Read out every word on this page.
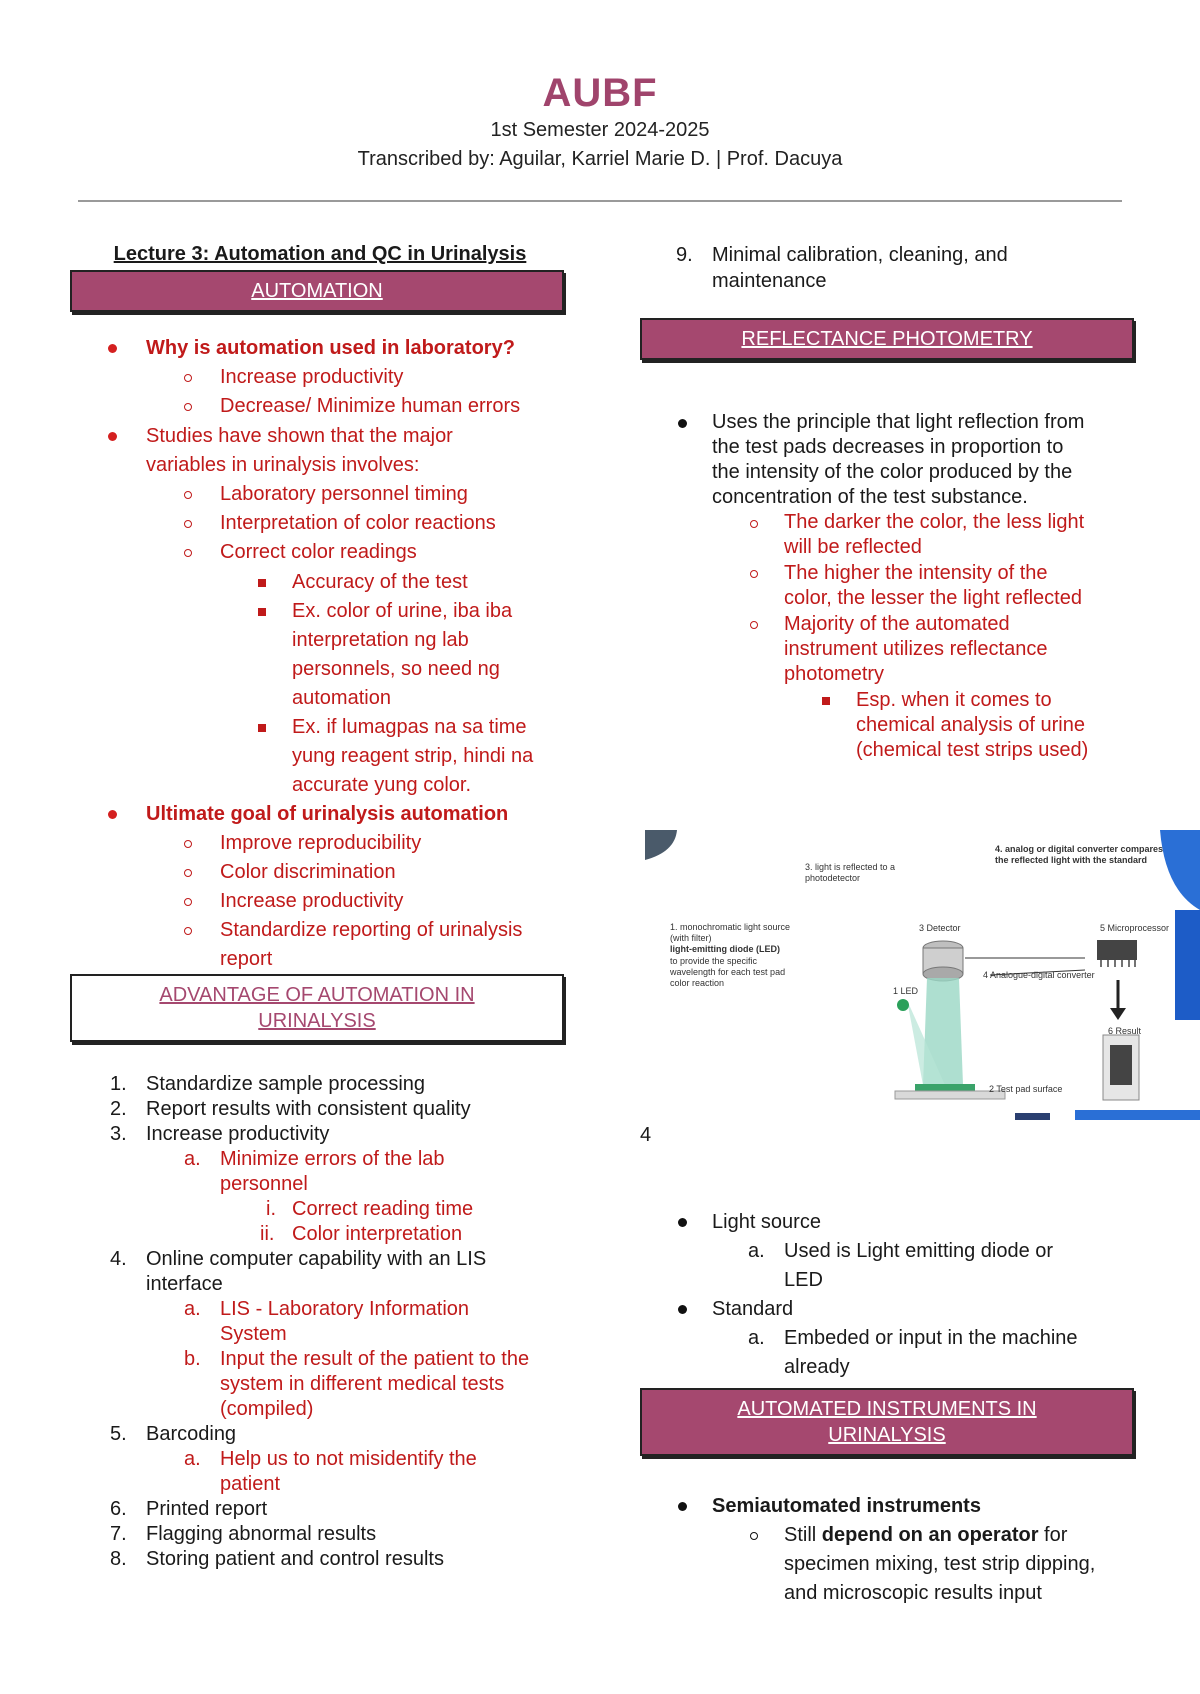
AUBF
1st Semester 2024-2025
Transcribed by: Aguilar, Karriel Marie D. | Prof. Dacuya
Lecture 3: Automation and QC in Urinalysis
AUTOMATION
Why is automation used in laboratory?
Increase productivity
Decrease/ Minimize human errors
Studies have shown that the major
variables in urinalysis involves:
Laboratory personnel timing
Interpretation of color reactions
Correct color readings
Accuracy of the test
Ex. color of urine, iba iba
interpretation ng lab
personnels, so need ng
automation
Ex. if lumagpas na sa time
yung reagent strip, hindi na
accurate yung color.
Ultimate goal of urinalysis automation
Improve reproducibility
Color discrimination
Increase productivity
Standardize reporting of urinalysis
report
ADVANTAGE OF AUTOMATION IN
URINALYSIS
1. Standardize sample processing
2. Report results with consistent quality
3. Increase productivity
a. Minimize errors of the lab
personnel
i. Correct reading time
ii. Color interpretation
4. Online computer capability with an LIS
interface
a. LIS - Laboratory Information
System
b. Input the result of the patient to the
system in different medical tests
(compiled)
5. Barcoding
a. Help us to not misidentify the
patient
6. Printed report
7. Flagging abnormal results
8. Storing patient and control results
9. Minimal calibration, cleaning, and
maintenance
REFLECTANCE PHOTOMETRY
Uses the principle that light reflection from
the test pads decreases in proportion to
the intensity of the color produced by the
concentration of the test substance.
The darker the color, the less light
will be reflected
The higher the intensity of the
color, the lesser the light reflected
Majority of the automated
instrument utilizes reflectance
photometry
Esp. when it comes to
chemical analysis of urine
(chemical test strips used)
3. light is reflected to a photodetector
4. analog or digital converter compares the reflected light with the standard
1. monochromatic light source (with filter)
light-emitting diode (LED)
to provide the specific wavelength for each test pad color reaction
3 Detector	5 Microprocessor
4 Analogue-digital converter
1 LED
6 Result
2 Test pad surface
4
Light source
a. Used is Light emitting diode or
LED
Standard
a. Embeded or input in the machine
already
AUTOMATED INSTRUMENTS IN
URINALYSIS
Semiautomated instruments
Still depend on an operator for
specimen mixing, test strip dipping,
and microscopic results input
